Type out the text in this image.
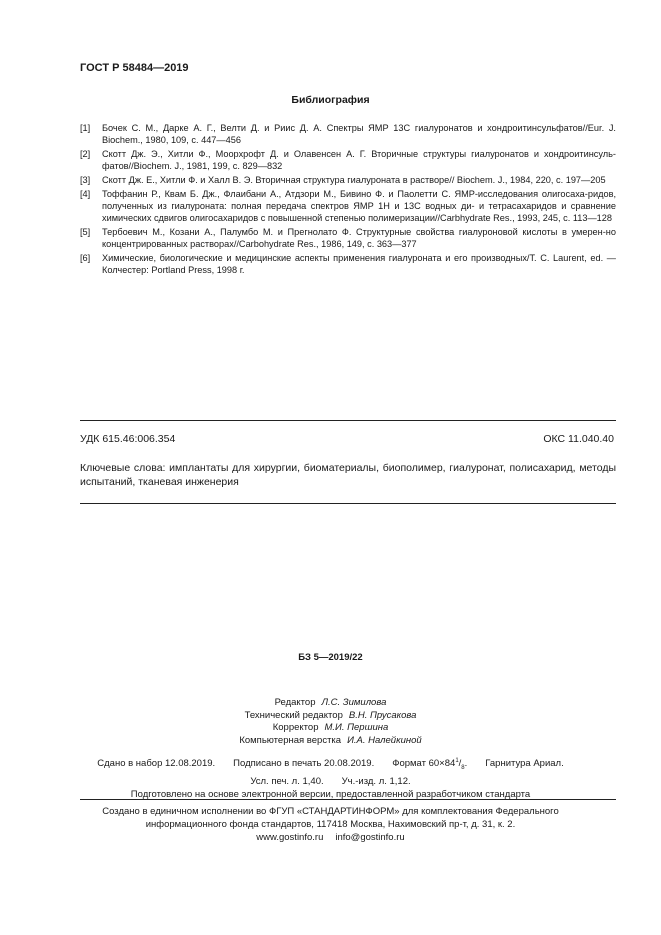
ГОСТ Р 58484—2019
Библиография
[1]	Бочек С. М., Дарке А. Г., Велти Д. и Риис Д. А. Спектры ЯМР 13С гиалуронатов и хондроитинсульфатов//Eur. J. Biochem., 1980, 109, с. 447—456
[2]	Скотт Дж. Э., Хитли Ф., Моорхрофт Д. и Олавенсен А. Г. Вторичные структуры гиалуронатов и хондроитинсуль-фатов//Biochem. J., 1981, 199, с. 829—832
[3]	Скотт Дж. Е., Хитли Ф. и Халл В. Э. Вторичная структура гиалуроната в растворе// Biochem. J., 1984, 220, с. 197—205
[4]	Тоффанин Р., Квам Б. Дж., Флаибани А., Атдзори М., Бивино Ф. и Паолетти С. ЯМР-исследования олигосаха-ридов, полученных из гиалуроната: полная передача спектров ЯМР 1Н и 13С водных ди- и тетрасахаридов и сравнение химических сдвигов олигосахаридов с повышенной степенью полимеризации//Carbhydrate Res., 1993, 245, с. 113—128
[5]	Тербоевич М., Козани А., Палумбо М. и Прегнолато Ф. Структурные свойства гиалуроновой кислоты в умерен-но концентрированных растворах//Carbohydrate Res., 1986, 149, с. 363—377
[6]	Химические, биологические и медицинские аспекты применения гиалуроната и его производных/Т. С. Laurent, ed. — Колчестер: Portland Press, 1998 г.
УДК 615.46:006.354	ОКС 11.040.40
Ключевые слова: имплантаты для хирургии, биоматериалы, биополимер, гиалуронат, полисахарид, методы испытаний, тканевая инженерия
БЗ 5—2019/22
Редактор Л.С. Зимилова
Технический редактор В.Н. Прусакова
Корректор М.И. Першина
Компьютерная верстка И.А. Налейкиной
Сдано в набор 12.08.2019. Подписано в печать 20.08.2019. Формат $60\times 84^1/_8$. Гарнитура Ариал.
Усл. печ. л. 1,40. Уч.-изд. л. 1,12.
Подготовлено на основе электронной версии, предоставленной разработчиком стандарта
Создано в единичном исполнении во ФГУП «СТАНДАРТИНФОРМ» для комплектования Федерального
информационного фонда стандартов, 117418 Москва, Нахимовский пр-т, д. 31, к. 2.
www.gostinfo.ru info@gostinfo.ru
